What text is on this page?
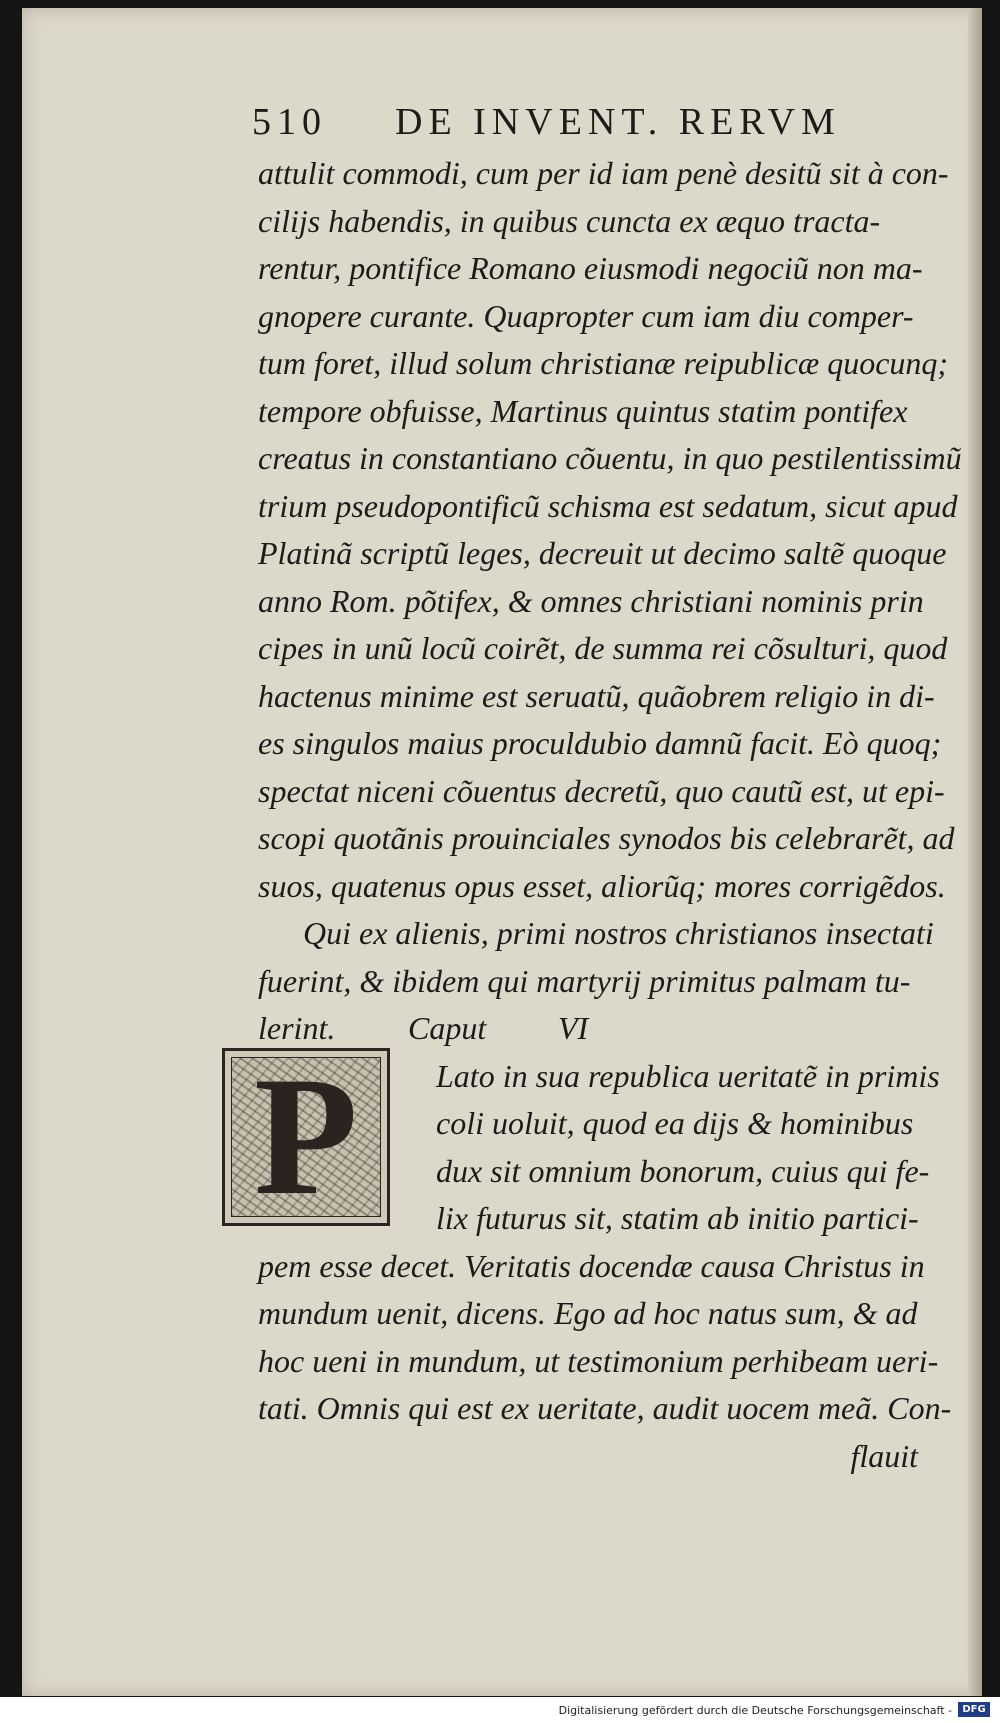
510 DE INVENT. RERVM
attulit commodi, cum per id iam penè desitũ sit à con-
cilijs habendis, in quibus cuncta ex æquo tracta-
rentur, pontifice Romano eiusmodi negociũ non ma-
gnopere curante. Quapropter cum iam diu comper-
tum foret, illud solum christianæ reipublicæ quocunq;
tempore obfuisse, Martinus quintus statim pontifex
creatus in constantiano cõuentu, in quo pestilentissimũ
trium pseudopontificũ schisma est sedatum, sicut apud
Platinã scriptũ leges, decreuit ut decimo saltẽ quoque
anno Rom. põtifex, & omnes christiani nominis prin
cipes in unũ locũ coirẽt, de summa rei cõsulturi, quod
hactenus minime est seruatũ, quãobrem religio in di-
es singulos maius proculdubio damnũ facit. Eò quoq;
spectat niceni cõuentus decretũ, quo cautũ est, ut epi-
scopi quotãnis prouinciales synodos bis celebrarẽt, ad
suos, quatenus opus esset, aliorũq; mores corrigẽdos.
Qui ex alienis, primi nostros christianos insectati
fuerint, & ibidem qui martyrij primitus palmam tu-
lerint.	Caput	VI
Lato in sua republica ueritatẽ in primis
coli uoluit, quod ea dijs & hominibus
dux sit omnium bonorum, cuius qui fe-
lix futurus sit, statim ab initio partici-
pem esse decet. Veritatis docendæ causa Christus in
mundum uenit, dicens. Ego ad hoc natus sum, & ad
hoc ueni in mundum, ut testimonium perhibeam ueri-
tati. Omnis qui est ex ueritate, audit uocem meã. Con-
flauit
P
Digitalisierung gefördert durch die Deutsche Forschungsgemeinschaft -	DFG
